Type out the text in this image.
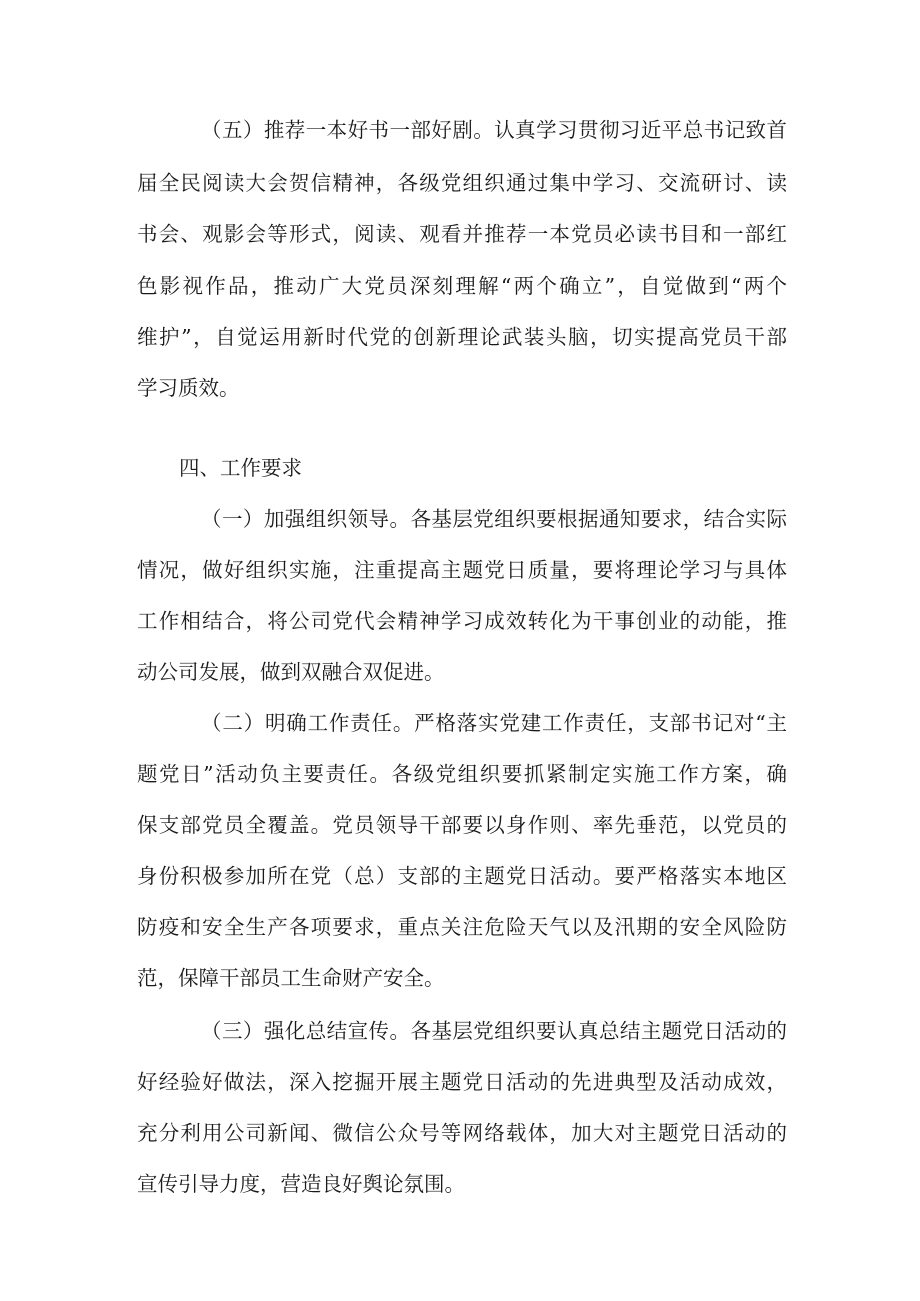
（五）推荐一本好书一部好剧。认真学习贯彻习近平总书记致首
届全民阅读大会贺信精神，各级党组织通过集中学习、交流研讨、读
书会、观影会等形式，阅读、观看并推荐一本党员必读书目和一部红
色影视作品，推动广大党员深刻理解“两个确立”，自觉做到“两个
维护”，自觉运用新时代党的创新理论武装头脑，切实提高党员干部
学习质效。
四、工作要求
（一）加强组织领导。各基层党组织要根据通知要求，结合实际
情况，做好组织实施，注重提高主题党日质量，要将理论学习与具体
工作相结合，将公司党代会精神学习成效转化为干事创业的动能，推
动公司发展，做到双融合双促进。
（二）明确工作责任。严格落实党建工作责任，支部书记对“主
题党日”活动负主要责任。各级党组织要抓紧制定实施工作方案，确
保支部党员全覆盖。党员领导干部要以身作则、率先垂范，以党员的
身份积极参加所在党（总）支部的主题党日活动。要严格落实本地区
防疫和安全生产各项要求，重点关注危险天气以及汛期的安全风险防
范，保障干部员工生命财产安全。
（三）强化总结宣传。各基层党组织要认真总结主题党日活动的
好经验好做法，深入挖掘开展主题党日活动的先进典型及活动成效，
充分利用公司新闻、微信公众号等网络载体，加大对主题党日活动的
宣传引导力度，营造良好舆论氛围。
